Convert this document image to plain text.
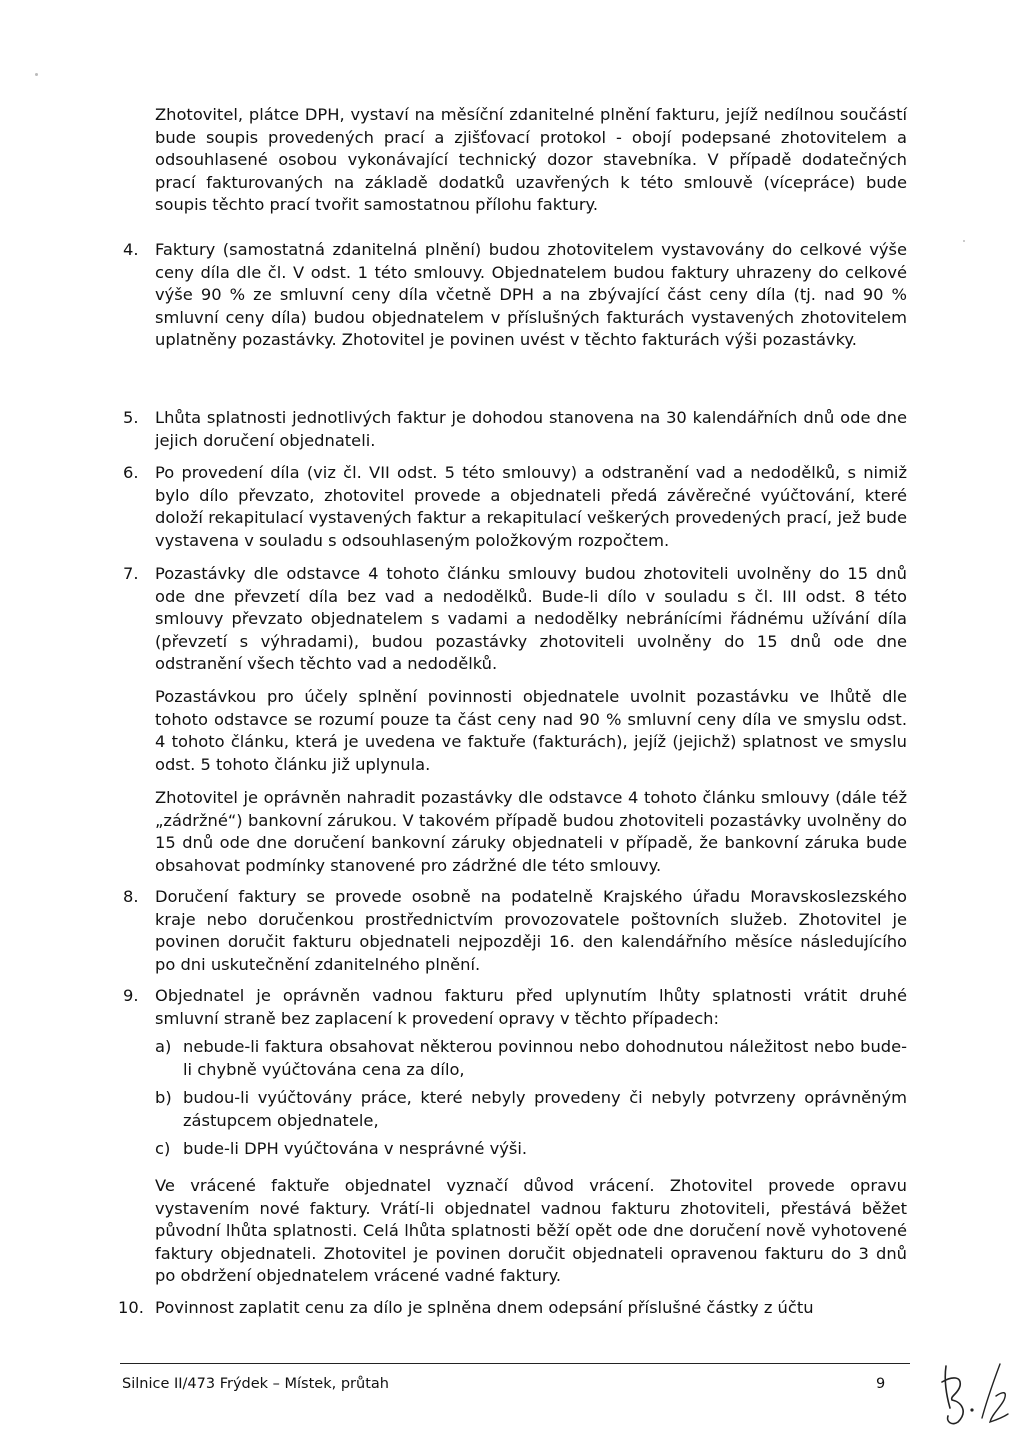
Zhotovitel, plátce DPH, vystaví na měsíční zdanitelné plnění fakturu, jejíž nedílnou součástí bude soupis provedených prací a zjišťovací protokol - obojí podepsané zhotovitelem a odsouhlasené osobou vykonávající technický dozor stavebníka. V případě dodatečných prací fakturovaných na základě dodatků uzavřených k této smlouvě (vícepráce) bude soupis těchto prací tvořit samostatnou přílohu faktury.

4. Faktury (samostatná zdanitelná plnění) budou zhotovitelem vystavovány do celkové výše ceny díla dle čl. V odst. 1 této smlouvy. Objednatelem budou faktury uhrazeny do celkové výše 90 % ze smluvní ceny díla včetně DPH a na zbývající část ceny díla (tj. nad 90 % smluvní ceny díla) budou objednatelem v příslušných fakturách vystavených zhotovitelem uplatněny pozastávky. Zhotovitel je povinen uvést v těchto fakturách výši pozastávky.

5. Lhůta splatnosti jednotlivých faktur je dohodou stanovena na 30 kalendářních dnů ode dne jejich doručení objednateli.

6. Po provedení díla (viz čl. VII odst. 5 této smlouvy) a odstranění vad a nedodělků, s nimiž bylo dílo převzato, zhotovitel provede a objednateli předá závěrečné vyúčtování, které doloží rekapitulací vystavených faktur a rekapitulací veškerých provedených prací, jež bude vystavena v souladu s odsouhlaseným položkovým rozpočtem.

7. Pozastávky dle odstavce 4 tohoto článku smlouvy budou zhotoviteli uvolněny do 15 dnů ode dne převzetí díla bez vad a nedodělků. Bude-li dílo v souladu s čl. III odst. 8 této smlouvy převzato objednatelem s vadami a nedodělky nebránícími řádnému užívání díla (převzetí s výhradami), budou pozastávky zhotoviteli uvolněny do 15 dnů ode dne odstranění všech těchto vad a nedodělků.

Pozastávkou pro účely splnění povinnosti objednatele uvolnit pozastávku ve lhůtě dle tohoto odstavce se rozumí pouze ta část ceny nad 90 % smluvní ceny díla ve smyslu odst. 4 tohoto článku, která je uvedena ve faktuře (fakturách), jejíž (jejichž) splatnost ve smyslu odst. 5 tohoto článku již uplynula.

Zhotovitel je oprávněn nahradit pozastávky dle odstavce 4 tohoto článku smlouvy (dále též „zádržné“) bankovní zárukou. V takovém případě budou zhotoviteli pozastávky uvolněny do 15 dnů ode dne doručení bankovní záruky objednateli v případě, že bankovní záruka bude obsahovat podmínky stanovené pro zádržné dle této smlouvy.

8. Doručení faktury se provede osobně na podatelně Krajského úřadu Moravskoslezského kraje nebo doručenkou prostřednictvím provozovatele poštovních služeb. Zhotovitel je povinen doručit fakturu objednateli nejpozději 16. den kalendářního měsíce následujícího po dni uskutečnění zdanitelného plnění.

9. Objednatel je oprávněn vadnou fakturu před uplynutím lhůty splatnosti vrátit druhé smluvní straně bez zaplacení k provedení opravy v těchto případech:

a) nebude-li faktura obsahovat některou povinnou nebo dohodnutou náležitost nebo bude-li chybně vyúčtována cena za dílo,

b) budou-li vyúčtovány práce, které nebyly provedeny či nebyly potvrzeny oprávněným zástupcem objednatele,

c) bude-li DPH vyúčtována v nesprávné výši.

Ve vrácené faktuře objednatel vyznačí důvod vrácení. Zhotovitel provede opravu vystavením nové faktury. Vrátí-li objednatel vadnou fakturu zhotoviteli, přestává běžet původní lhůta splatnosti. Celá lhůta splatnosti běží opět ode dne doručení nově vyhotovené faktury objednateli. Zhotovitel je povinen doručit objednateli opravenou fakturu do 3 dnů po obdržení objednatelem vrácené vadné faktury.

10. Povinnost zaplatit cenu za dílo je splněna dnem odepsání příslušné částky z účtu

Silnice II/473 Frýdek – Místek, průtah	9
